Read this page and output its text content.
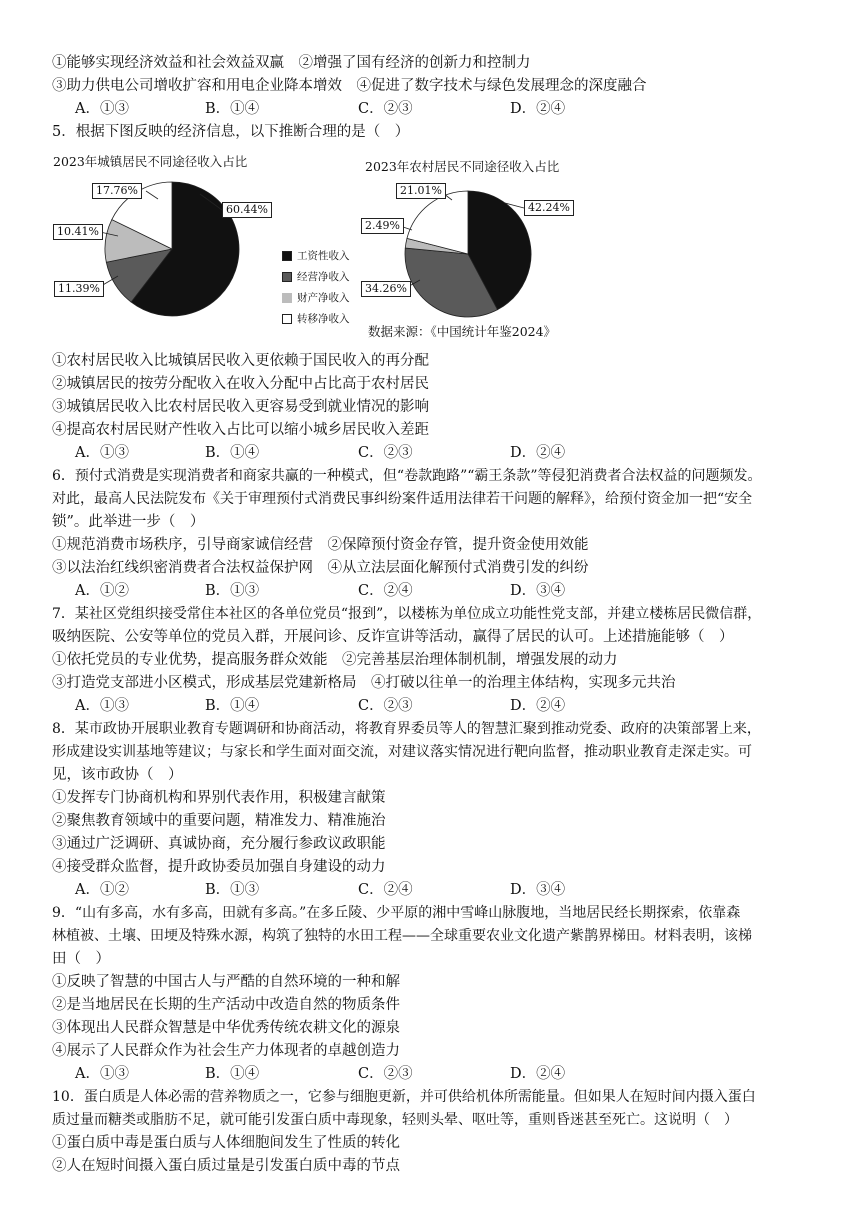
①能够实现经济效益和社会效益双赢　②增强了国有经济的创新力和控制力
③助力供电公司增收扩容和用电企业降本增效　④促进了数字技术与绿色发展理念的深度融合
A．①③	B．①④	C．②③	D．②④
5．根据下图反映的经济信息，以下推断合理的是（　）
2023年城镇居民不同途径收入占比	2023年农村居民不同途径收入占比
60.44%
11.39%
10.41%
17.76%
42.24%
34.26%
2.49%
21.01%
工资性收入
经营净收入
财产净收入
转移净收入
数据来源：《中国统计年鉴2024》
①农村居民收入比城镇居民收入更依赖于国民收入的再分配
②城镇居民的按劳分配收入在收入分配中占比高于农村居民
③城镇居民收入比农村居民收入更容易受到就业情况的影响
④提高农村居民财产性收入占比可以缩小城乡居民收入差距
A．①③	B．①④	C．②③	D．②④
6．预付式消费是实现消费者和商家共赢的一种模式，但“卷款跑路”“霸王条款”等侵犯消费者合法权益的问题频发。
对此，最高人民法院发布《关于审理预付式消费民事纠纷案件适用法律若干问题的解释》，给预付资金加一把“安全
锁”。此举进一步（　）
①规范消费市场秩序，引导商家诚信经营　②保障预付资金存管，提升资金使用效能
③以法治红线织密消费者合法权益保护网　④从立法层面化解预付式消费引发的纠纷
A．①②	B．①③	C．②④	D．③④
7．某社区党组织接受常住本社区的各单位党员“报到”，以楼栋为单位成立功能性党支部，并建立楼栋居民微信群，
吸纳医院、公安等单位的党员入群，开展问诊、反诈宣讲等活动，赢得了居民的认可。上述措施能够（　）
①依托党员的专业优势，提高服务群众效能　②完善基层治理体制机制，增强发展的动力
③打造党支部进小区模式，形成基层党建新格局　④打破以往单一的治理主体结构，实现多元共治
A．①③	B．①④	C．②③	D．②④
8．某市政协开展职业教育专题调研和协商活动，将教育界委员等人的智慧汇聚到推动党委、政府的决策部署上来，
形成建设实训基地等建议；与家长和学生面对面交流，对建议落实情况进行靶向监督，推动职业教育走深走实。可
见，该市政协（　）
①发挥专门协商机构和界别代表作用，积极建言献策
②聚焦教育领域中的重要问题，精准发力、精准施治
③通过广泛调研、真诚协商，充分履行参政议政职能
④接受群众监督，提升政协委员加强自身建设的动力
A．①②	B．①③	C．②④	D．③④
9．“山有多高，水有多高，田就有多高。”在多丘陵、少平原的湘中雪峰山脉腹地，当地居民经长期探索，依靠森
林植被、土壤、田埂及特殊水源，构筑了独特的水田工程——全球重要农业文化遗产紫鹊界梯田。材料表明，该梯
田（　）
①反映了智慧的中国古人与严酷的自然环境的一种和解
②是当地居民在长期的生产活动中改造自然的物质条件
③体现出人民群众智慧是中华优秀传统农耕文化的源泉
④展示了人民群众作为社会生产力体现者的卓越创造力
A．①③	B．①④	C．②③	D．②④
10．蛋白质是人体必需的营养物质之一，它参与细胞更新，并可供给机体所需能量。但如果人在短时间内摄入蛋白
质过量而糖类或脂肪不足，就可能引发蛋白质中毒现象，轻则头晕、呕吐等，重则昏迷甚至死亡。这说明（　）
①蛋白质中毒是蛋白质与人体细胞间发生了性质的转化
②人在短时间摄入蛋白质过量是引发蛋白质中毒的节点
